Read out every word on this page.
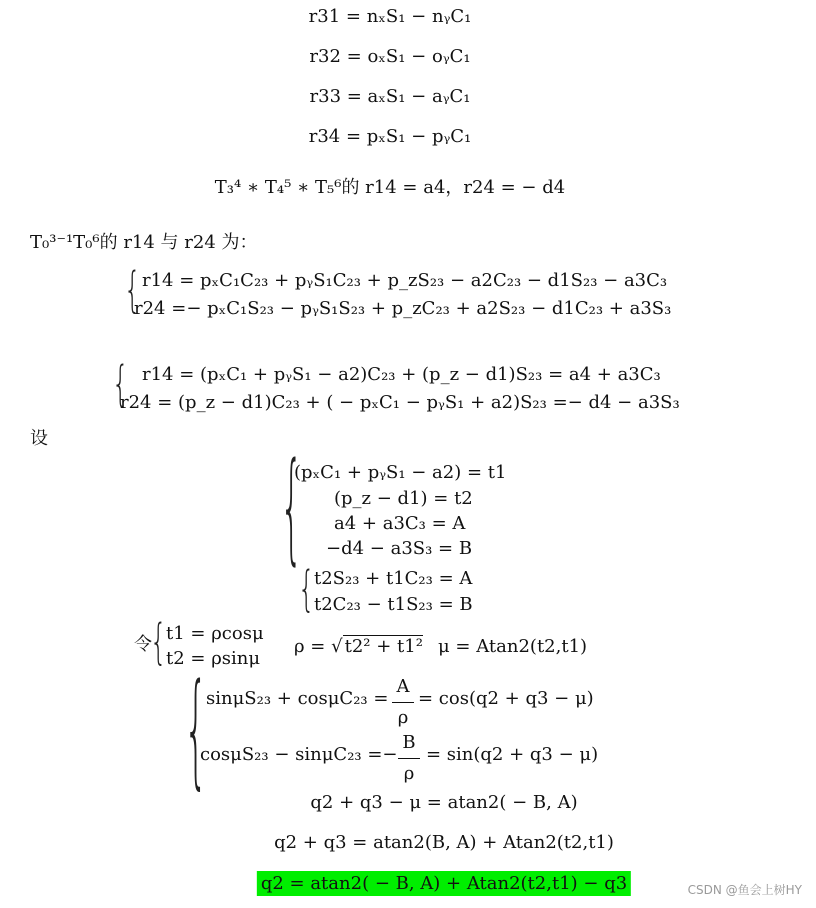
r31 = nₓS₁ − nᵧC₁
r32 = oₓS₁ − oᵧC₁
r33 = aₓS₁ − aᵧC₁
r34 = pₓS₁ − pᵧC₁
T₃⁴ ∗ T₄⁵ ∗ T₅⁶的 r14 = a4，r24 = − d4
T₀³⁻¹T₀⁶的 r14 与 r24 为：
{ r14 = pₓC₁C₂₃ + pᵧS₁C₂₃ + p_zS₂₃ − a2C₂₃ − d1S₂₃ − a3C₃
r24 =− pₓC₁S₂₃ − pᵧS₁S₂₃ + p_zC₂₃ + a2S₂₃ − d1C₂₃ + a3S₃
{ r14 = (pₓC₁ + pᵧS₁ − a2)C₂₃ + (p_z − d1)S₂₃ = a4 + a3C₃
r24 = (p_z − d1)C₂₃ + ( − pₓC₁ − pᵧS₁ + a2)S₂₃ =− d4 − a3S₃
设 {
(pₓC₁ + pᵧS₁ − a2) = t1
(p_z − d1) = t2
a4 + a3C₃ = A
−d4 − a3S₃ = B
{ t2S₂₃ + t1C₂₃ = A
t2C₂₃ − t1S₂₃ = B
令
{ t1 = ρcosμ
t2 = ρsinμ
ρ = √ t2² + t1² μ = Atan2(t2,t1)
{
sinμS₂₃ + cosμC₂₃ =
A
ρ
= cos(q2 + q3 − μ)
cosμS₂₃ − sinμC₂₃ =−
B
ρ
= sin(q2 + q3 − μ)
q2 + q3 − μ = atan2( − B, A)
q2 + q3 = atan2(B, A) + Atan2(t2,t1)
q2 = atan2( − B, A) + Atan2(t2,t1) − q3	CSDN @鱼会上树HY
